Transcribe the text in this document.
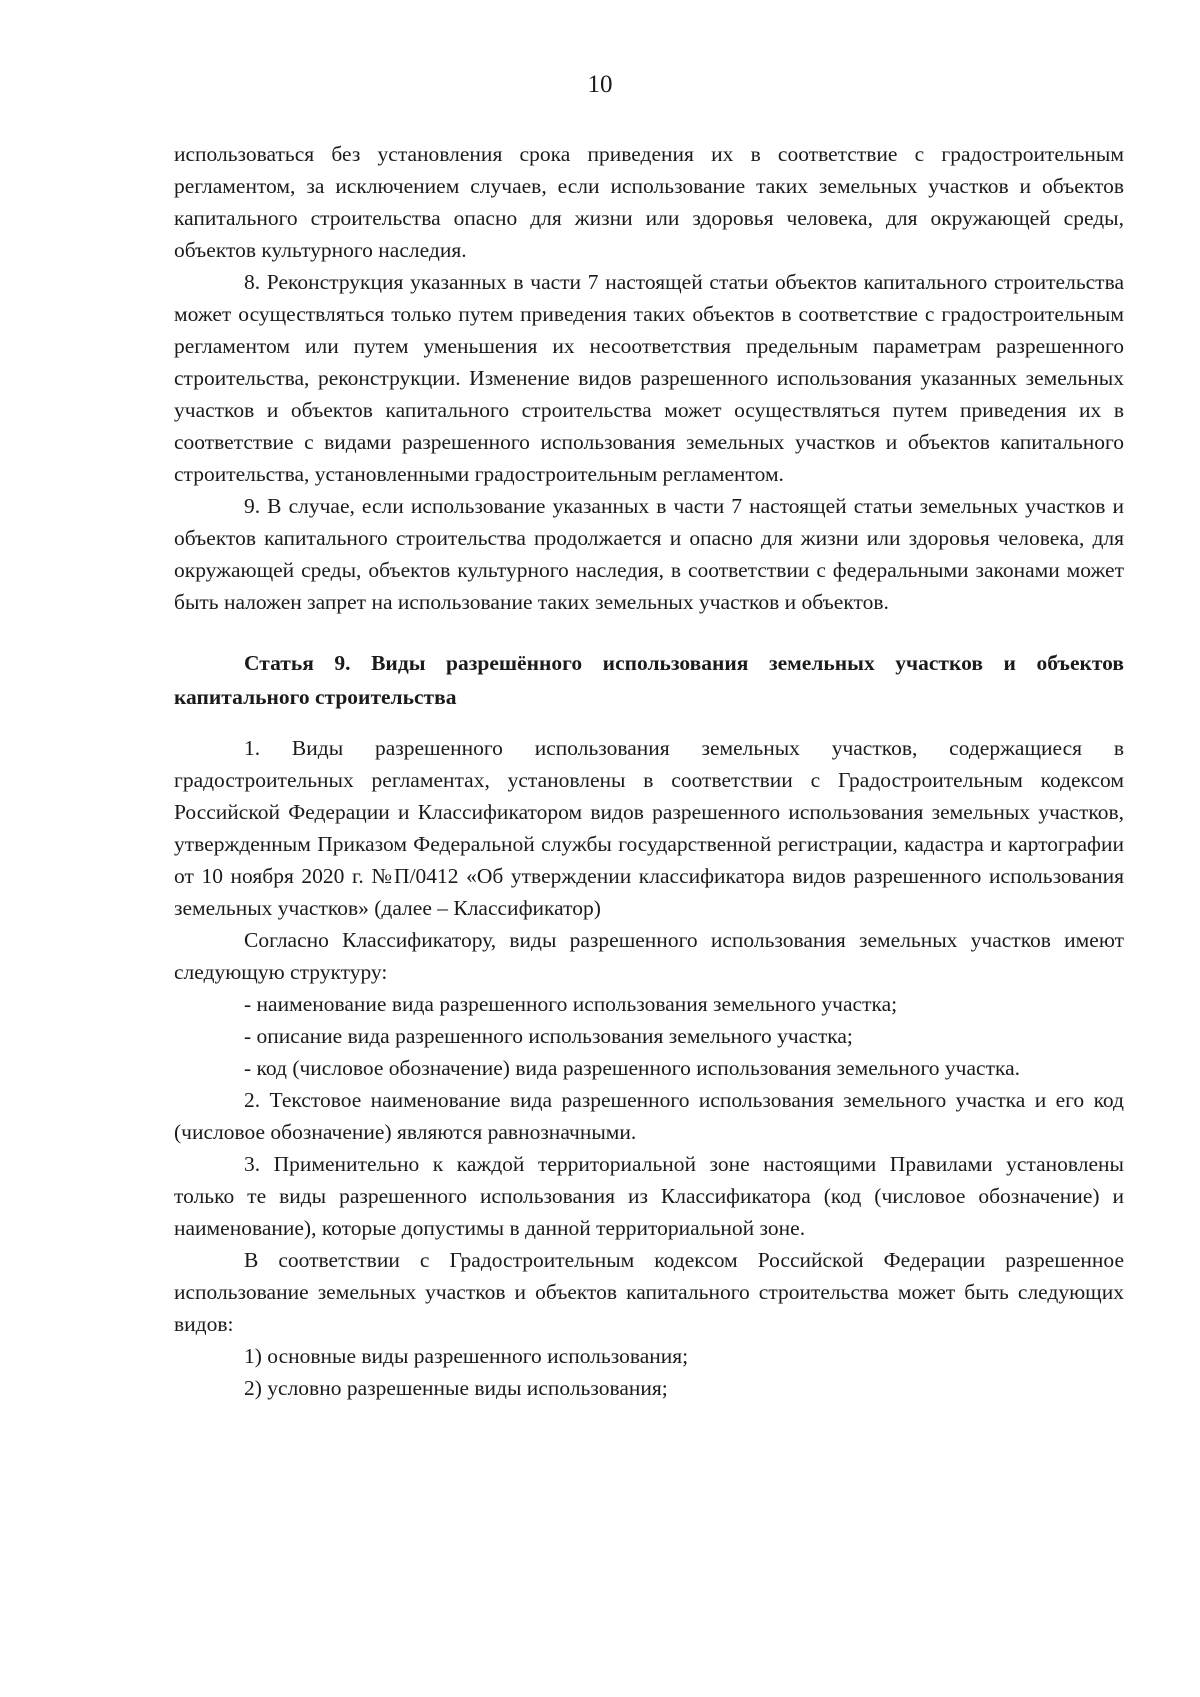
10

использоваться без установления срока приведения их в соответствие с градостроительным регламентом, за исключением случаев, если использование таких земельных участков и объектов капитального строительства опасно для жизни или здоровья человека, для окружающей среды, объектов культурного наследия.

8. Реконструкция указанных в части 7 настоящей статьи объектов капитального строительства может осуществляться только путем приведения таких объектов в соответствие с градостроительным регламентом или путем уменьшения их несоответствия предельным параметрам разрешенного строительства, реконструкции. Изменение видов разрешенного использования указанных земельных участков и объектов капитального строительства может осуществляться путем приведения их в соответствие с видами разрешенного использования земельных участков и объектов капитального строительства, установленными градостроительным регламентом.

9. В случае, если использование указанных в части 7 настоящей статьи земельных участков и объектов капитального строительства продолжается и опасно для жизни или здоровья человека, для окружающей среды, объектов культурного наследия, в соответствии с федеральными законами может быть наложен запрет на использование таких земельных участков и объектов.

Статья 9. Виды разрешённого использования земельных участков и объектов капитального строительства

1. Виды разрешенного использования земельных участков, содержащиеся в градостроительных регламентах, установлены в соответствии с Градостроительным кодексом Российской Федерации и Классификатором видов разрешенного использования земельных участков, утвержденным Приказом Федеральной службы государственной регистрации, кадастра и картографии от 10 ноября 2020 г. №П/0412 «Об утверждении классификатора видов разрешенного использования земельных участков» (далее – Классификатор)

Согласно Классификатору, виды разрешенного использования земельных участков имеют следующую структуру:

- наименование вида разрешенного использования земельного участка;

- описание вида разрешенного использования земельного участка;

- код (числовое обозначение) вида разрешенного использования земельного участка.

2. Текстовое наименование вида разрешенного использования земельного участка и его код (числовое обозначение) являются равнозначными.

3. Применительно к каждой территориальной зоне настоящими Правилами установлены только те виды разрешенного использования из Классификатора (код (числовое обозначение) и наименование), которые допустимы в данной территориальной зоне.

В соответствии с Градостроительным кодексом Российской Федерации разрешенное использование земельных участков и объектов капитального строительства может быть следующих видов:

1) основные виды разрешенного использования;

2) условно разрешенные виды использования;
